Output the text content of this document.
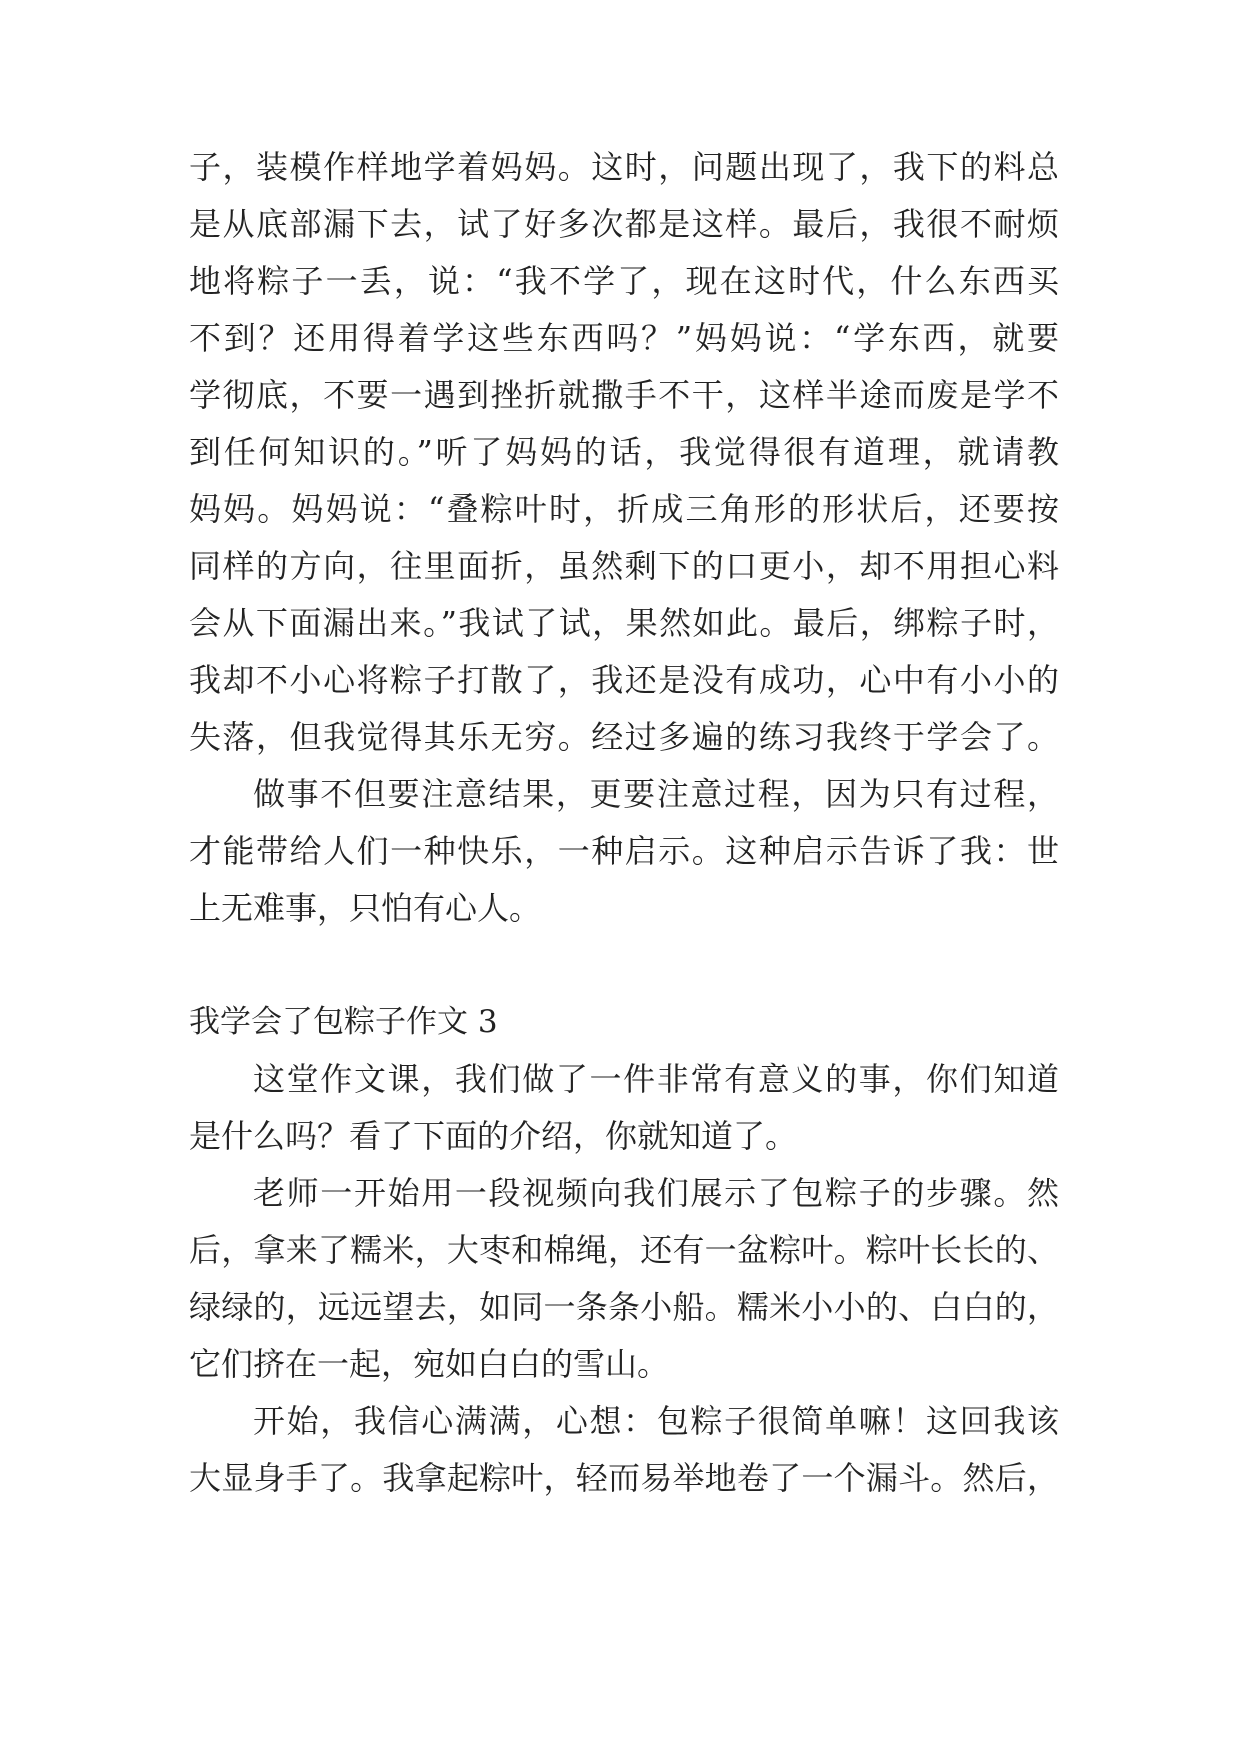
子，装模作样地学着妈妈。这时，问题出现了，我下的料总
是从底部漏下去，试了好多次都是这样。最后，我很不耐烦
地将粽子一丢，说：“我不学了，现在这时代，什么东西买
不到？还用得着学这些东西吗？”妈妈说：“学东西，就要
学彻底，不要一遇到挫折就撒手不干，这样半途而废是学不
到任何知识的。”听了妈妈的话，我觉得很有道理，就请教
妈妈。妈妈说：“叠粽叶时，折成三角形的形状后，还要按
同样的方向，往里面折，虽然剩下的口更小，却不用担心料
会从下面漏出来。”我试了试，果然如此。最后，绑粽子时，
我却不小心将粽子打散了，我还是没有成功，心中有小小的
失落，但我觉得其乐无穷。经过多遍的练习我终于学会了。
做事不但要注意结果，更要注意过程，因为只有过程，
才能带给人们一种快乐，一种启示。这种启示告诉了我：世
上无难事，只怕有心人。
我学会了包粽子作文 3
这堂作文课，我们做了一件非常有意义的事，你们知道
是什么吗？看了下面的介绍，你就知道了。
老师一开始用一段视频向我们展示了包粽子的步骤。然
后，拿来了糯米，大枣和棉绳，还有一盆粽叶。粽叶长长的、
绿绿的，远远望去，如同一条条小船。糯米小小的、白白的，
它们挤在一起，宛如白白的雪山。
开始，我信心满满，心想：包粽子很简单嘛！这回我该
大显身手了。我拿起粽叶，轻而易举地卷了一个漏斗。然后，
